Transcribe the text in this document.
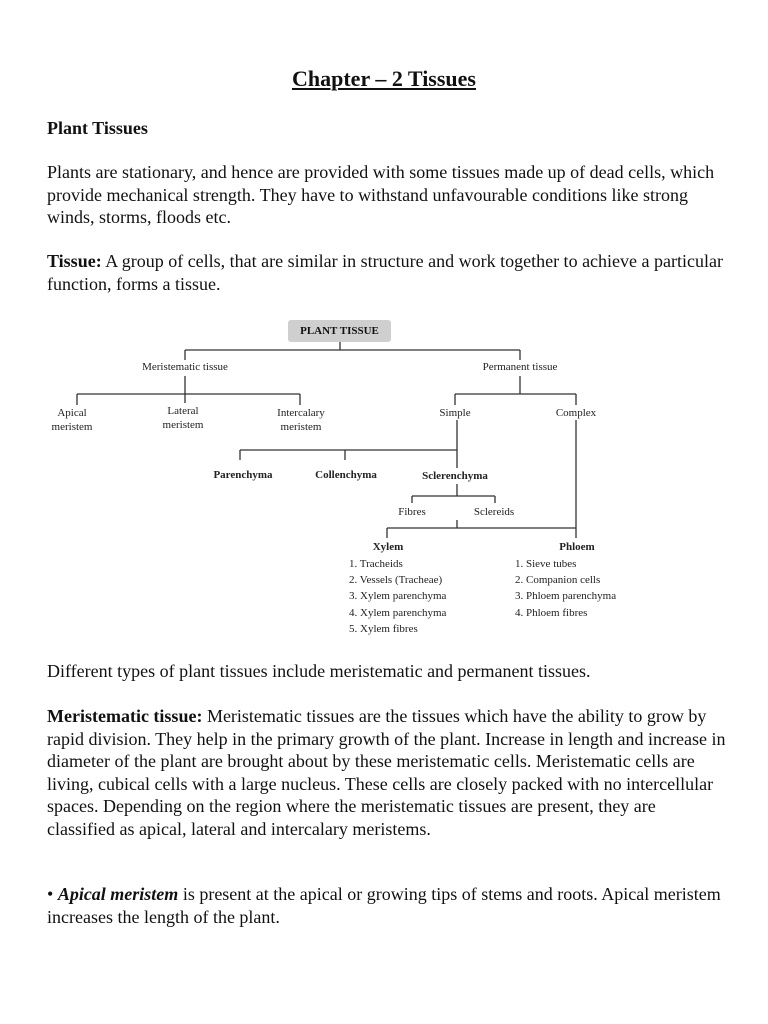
Chapter – 2 Tissues
Plant Tissues
Plants are stationary, and hence are provided with some tissues made up of dead cells, which provide mechanical strength. They have to withstand unfavourable conditions like strong winds, storms, floods etc.
Tissue: A group of cells, that are similar in structure and work together to achieve a particular function, forms a tissue.
PLANT TISSUE
Meristematic tissue	Permanent tissue
Apical
meristem
Lateral
meristem
Intercalary
meristem
Simple	Complex
Parenchyma	Collenchyma	Sclerenchyma
Fibres	Sclereids
Xylem	Phloem
1. Tracheids
2. Vessels (Tracheae)
3. Xylem parenchyma
4. Xylem parenchyma
5. Xylem fibres
1. Sieve tubes
2. Companion cells
3. Phloem parenchyma
4. Phloem fibres
Different types of plant tissues include meristematic and permanent tissues.
Meristematic tissue: Meristematic tissues are the tissues which have the ability to grow by rapid division. They help in the primary growth of the plant. Increase in length and increase in diameter of the plant are brought about by these meristematic cells. Meristematic cells are living, cubical cells with a large nucleus. These cells are closely packed with no intercellular spaces. Depending on the region where the meristematic tissues are present, they are classified as apical, lateral and intercalary meristems.
• Apical meristem is present at the apical or growing tips of stems and roots. Apical meristem increases the length of the plant.
